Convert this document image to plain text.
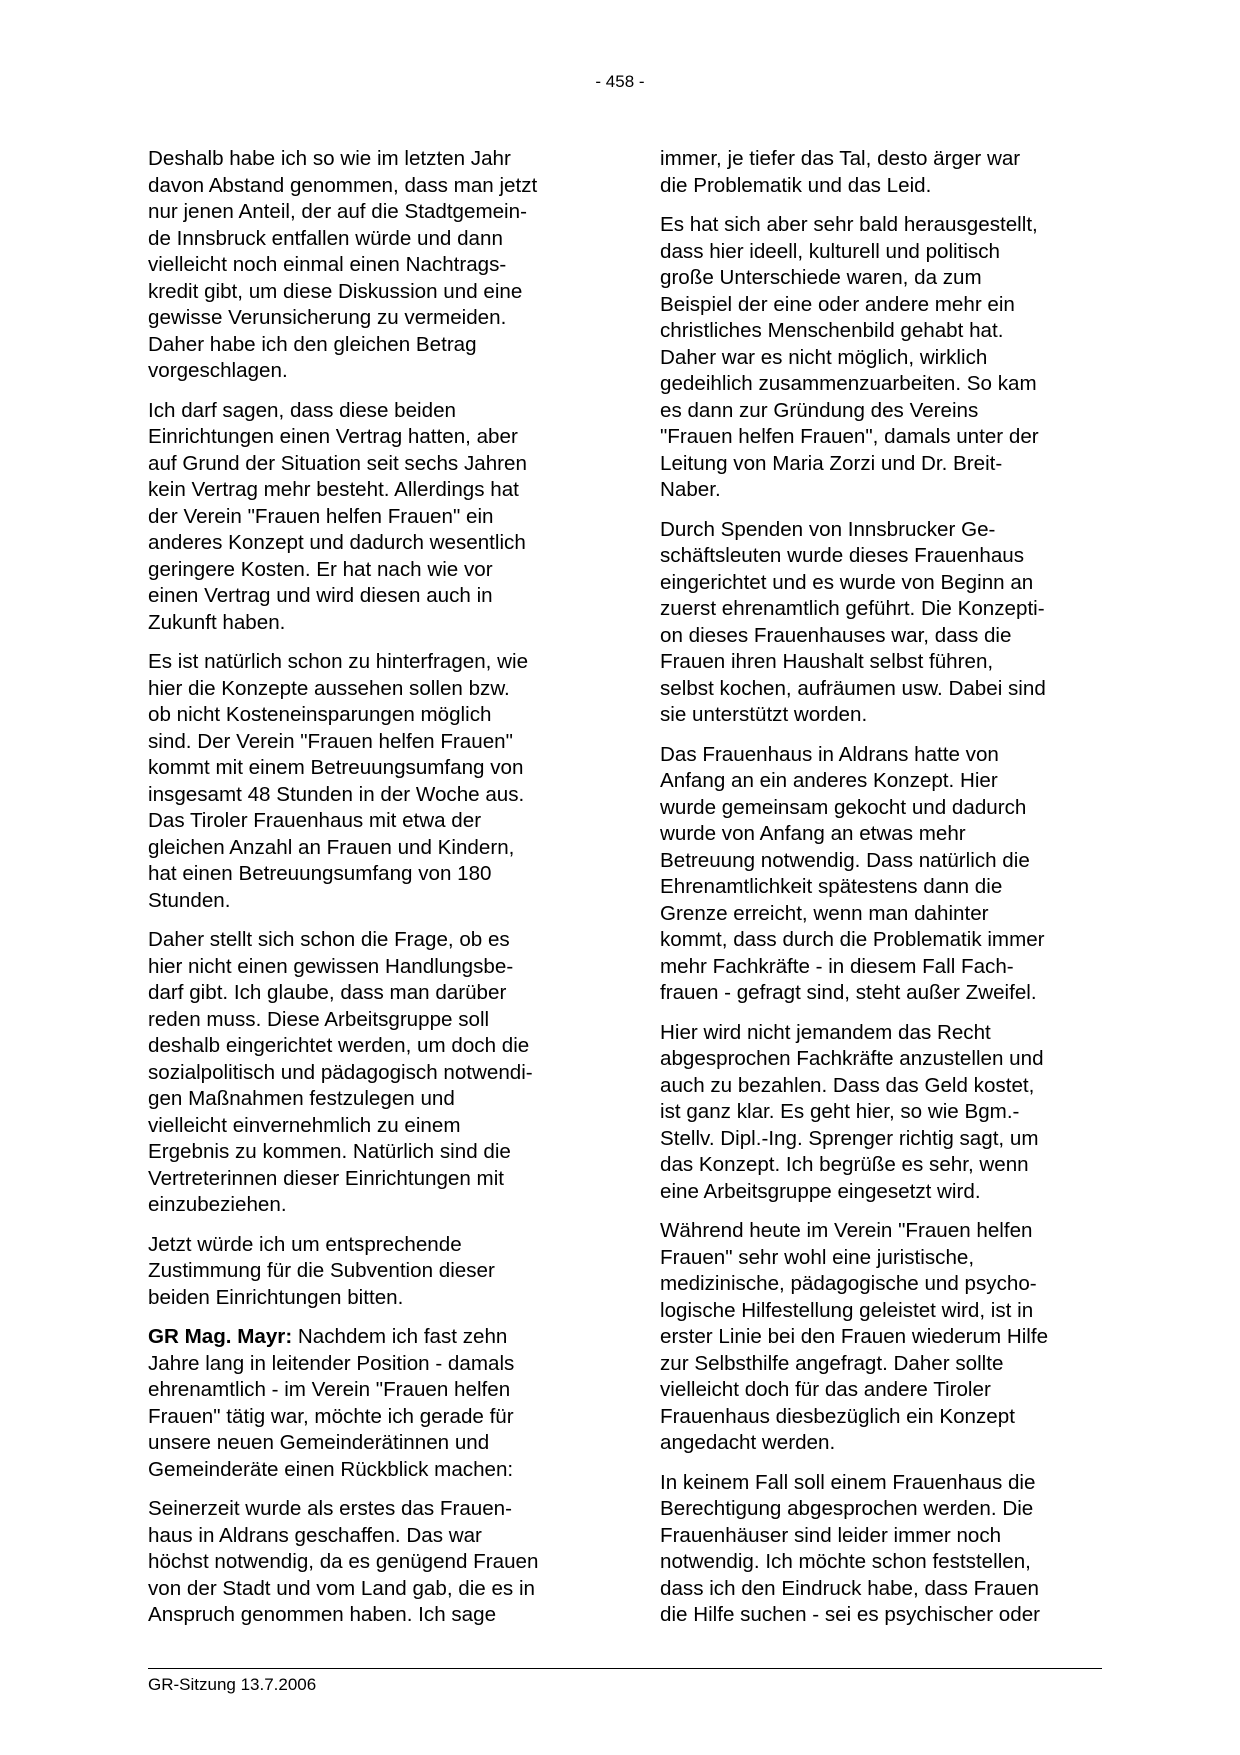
- 458 -

Deshalb habe ich so wie im letzten Jahr
davon Abstand genommen, dass man jetzt
nur jenen Anteil, der auf die Stadtgemein-
de Innsbruck entfallen würde und dann
vielleicht noch einmal einen Nachtrags-
kredit gibt, um diese Diskussion und eine
gewisse Verunsicherung zu vermeiden.
Daher habe ich den gleichen Betrag
vorgeschlagen.

Ich darf sagen, dass diese beiden
Einrichtungen einen Vertrag hatten, aber
auf Grund der Situation seit sechs Jahren
kein Vertrag mehr besteht. Allerdings hat
der Verein "Frauen helfen Frauen" ein
anderes Konzept und dadurch wesentlich
geringere Kosten. Er hat nach wie vor
einen Vertrag und wird diesen auch in
Zukunft haben.

Es ist natürlich schon zu hinterfragen, wie
hier die Konzepte aussehen sollen bzw.
ob nicht Kosteneinsparungen möglich
sind. Der Verein "Frauen helfen Frauen"
kommt mit einem Betreuungsumfang von
insgesamt 48 Stunden in der Woche aus.
Das Tiroler Frauenhaus mit etwa der
gleichen Anzahl an Frauen und Kindern,
hat einen Betreuungsumfang von 180
Stunden.

Daher stellt sich schon die Frage, ob es
hier nicht einen gewissen Handlungsbe-
darf gibt. Ich glaube, dass man darüber
reden muss. Diese Arbeitsgruppe soll
deshalb eingerichtet werden, um doch die
sozialpolitisch und pädagogisch notwendi-
gen Maßnahmen festzulegen und
vielleicht einvernehmlich zu einem
Ergebnis zu kommen. Natürlich sind die
Vertreterinnen dieser Einrichtungen mit
einzubeziehen.

Jetzt würde ich um entsprechende
Zustimmung für die Subvention dieser
beiden Einrichtungen bitten.

GR Mag. Mayr: Nachdem ich fast zehn
Jahre lang in leitender Position - damals
ehrenamtlich - im Verein "Frauen helfen
Frauen" tätig war, möchte ich gerade für
unsere neuen Gemeinderätinnen und
Gemeinderäte einen Rückblick machen:

Seinerzeit wurde als erstes das Frauen-
haus in Aldrans geschaffen. Das war
höchst notwendig, da es genügend Frauen
von der Stadt und vom Land gab, die es in
Anspruch genommen haben. Ich sage

immer, je tiefer das Tal, desto ärger war
die Problematik und das Leid.

Es hat sich aber sehr bald herausgestellt,
dass hier ideell, kulturell und politisch
große Unterschiede waren, da zum
Beispiel der eine oder andere mehr ein
christliches Menschenbild gehabt hat.
Daher war es nicht möglich, wirklich
gedeihlich zusammenzuarbeiten. So kam
es dann zur Gründung des Vereins
"Frauen helfen Frauen", damals unter der
Leitung von Maria Zorzi und Dr. Breit-
Naber.

Durch Spenden von Innsbrucker Ge-
schäftsleuten wurde dieses Frauenhaus
eingerichtet und es wurde von Beginn an
zuerst ehrenamtlich geführt. Die Konzepti-
on dieses Frauenhauses war, dass die
Frauen ihren Haushalt selbst führen,
selbst kochen, aufräumen usw. Dabei sind
sie unterstützt worden.

Das Frauenhaus in Aldrans hatte von
Anfang an ein anderes Konzept. Hier
wurde gemeinsam gekocht und dadurch
wurde von Anfang an etwas mehr
Betreuung notwendig. Dass natürlich die
Ehrenamtlichkeit spätestens dann die
Grenze erreicht, wenn man dahinter
kommt, dass durch die Problematik immer
mehr Fachkräfte - in diesem Fall Fach-
frauen - gefragt sind, steht außer Zweifel.

Hier wird nicht jemandem das Recht
abgesprochen Fachkräfte anzustellen und
auch zu bezahlen. Dass das Geld kostet,
ist ganz klar. Es geht hier, so wie Bgm.-
Stellv. Dipl.-Ing. Sprenger richtig sagt, um
das Konzept. Ich begrüße es sehr, wenn
eine Arbeitsgruppe eingesetzt wird.

Während heute im Verein "Frauen helfen
Frauen" sehr wohl eine juristische,
medizinische, pädagogische und psycho-
logische Hilfestellung geleistet wird, ist in
erster Linie bei den Frauen wiederum Hilfe
zur Selbsthilfe angefragt. Daher sollte
vielleicht doch für das andere Tiroler
Frauenhaus diesbezüglich ein Konzept
angedacht werden.

In keinem Fall soll einem Frauenhaus die
Berechtigung abgesprochen werden. Die
Frauenhäuser sind leider immer noch
notwendig. Ich möchte schon feststellen,
dass ich den Eindruck habe, dass Frauen
die Hilfe suchen - sei es psychischer oder

GR-Sitzung 13.7.2006
